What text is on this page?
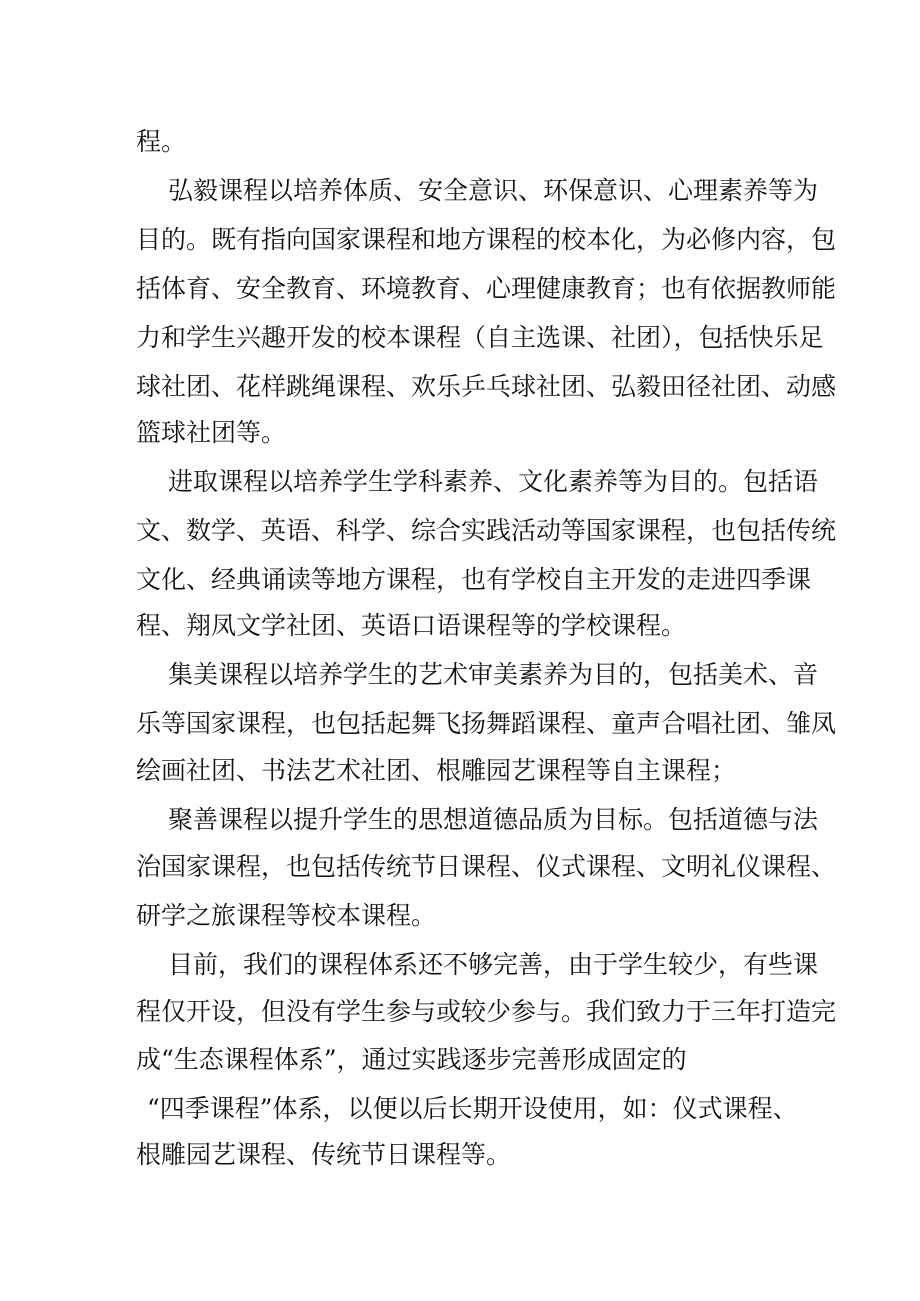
程。
弘毅课程以培养体质、安全意识、环保意识、心理素养等为
目的。既有指向国家课程和地方课程的校本化，为必修内容，包
括体育、安全教育、环境教育、心理健康教育；也有依据教师能
力和学生兴趣开发的校本课程（自主选课、社团），包括快乐足
球社团、花样跳绳课程、欢乐乒乓球社团、弘毅田径社团、动感
篮球社团等。
进取课程以培养学生学科素养、文化素养等为目的。包括语
文、数学、英语、科学、综合实践活动等国家课程，也包括传统
文化、经典诵读等地方课程，也有学校自主开发的走进四季课
程、翔凤文学社团、英语口语课程等的学校课程。
集美课程以培养学生的艺术审美素养为目的，包括美术、音
乐等国家课程，也包括起舞飞扬舞蹈课程、童声合唱社团、雏凤
绘画社团、书法艺术社团、根雕园艺课程等自主课程；
聚善课程以提升学生的思想道德品质为目标。包括道德与法
治国家课程，也包括传统节日课程、仪式课程、文明礼仪课程、
研学之旅课程等校本课程。
目前，我们的课程体系还不够完善，由于学生较少，有些课
程仅开设，但没有学生参与或较少参与。我们致力于三年打造完
成“生态课程体系”，通过实践逐步完善形成固定的
“四季课程”体系，以便以后长期开设使用，如：仪式课程、
根雕园艺课程、传统节日课程等。
